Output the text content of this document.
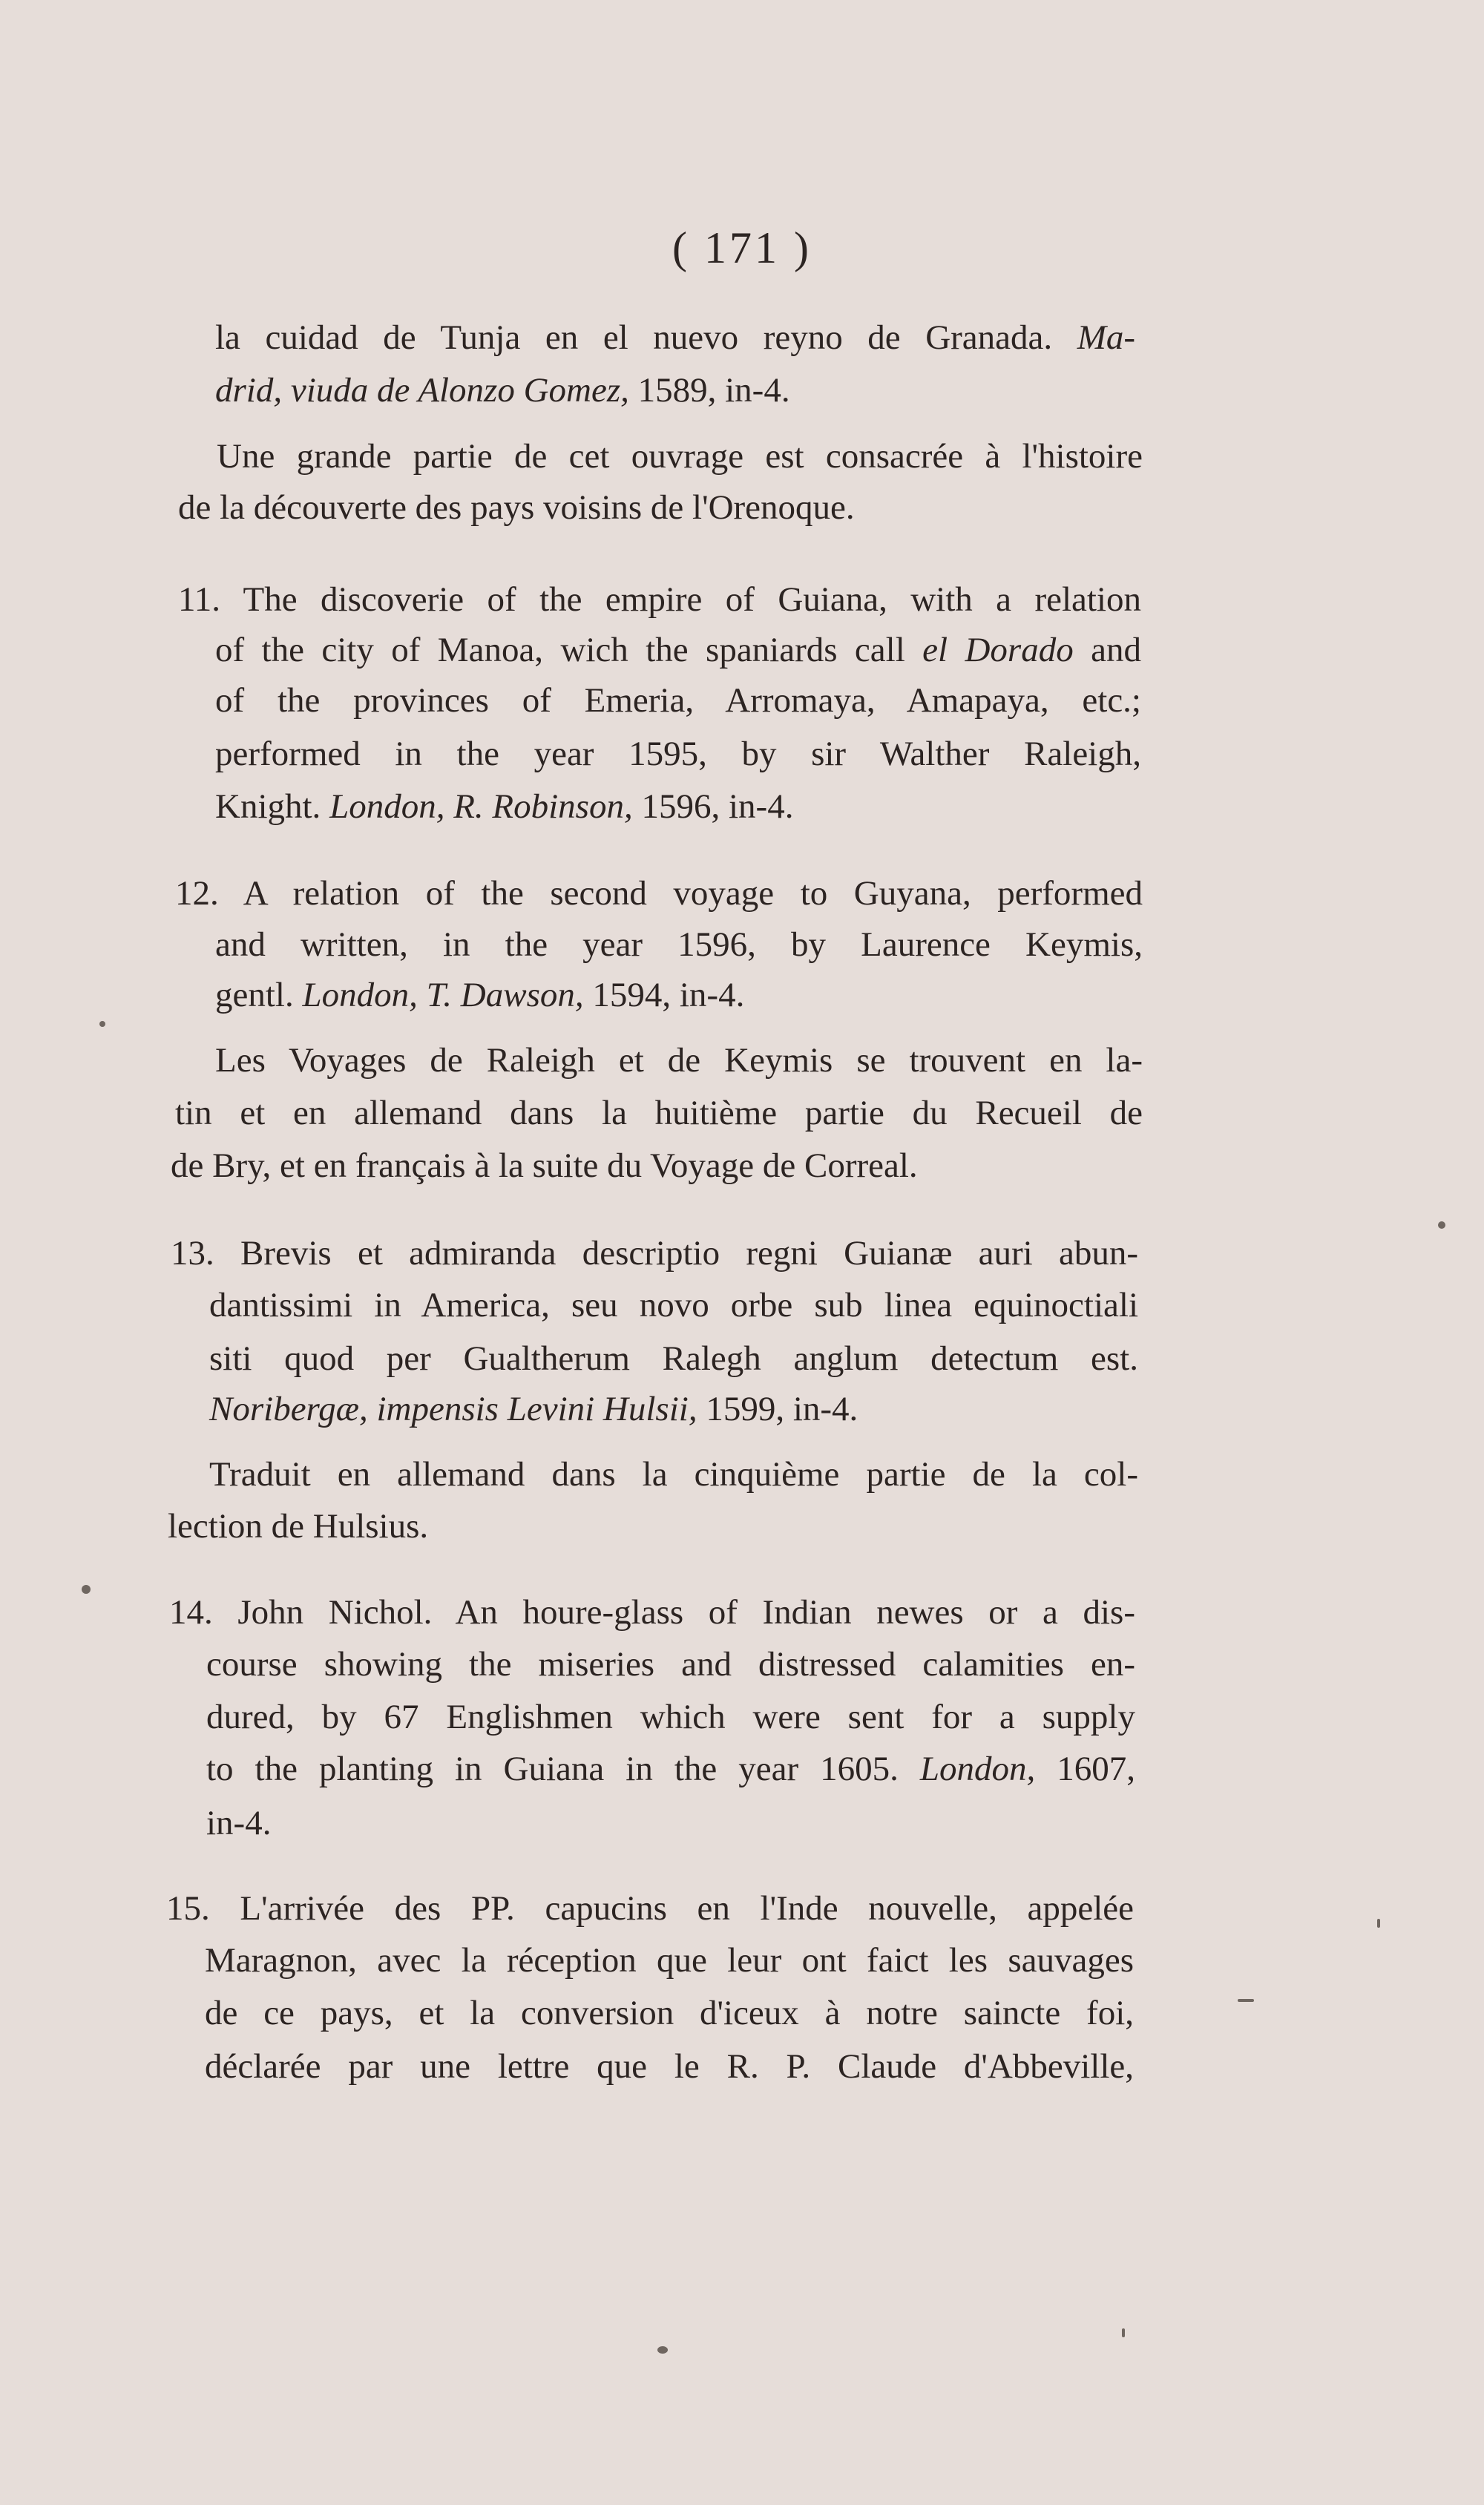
( 171 )
la cuidad de Tunja en el nuevo reyno de Granada. Ma-
drid, viuda de Alonzo Gomez, 1589, in-4.
Une grande partie de cet ouvrage est consacrée à l'histoire
de la découverte des pays voisins de l'Orenoque.
11. The discoverie of the empire of Guiana, with a relation
of the city of Manoa, wich the spaniards call el Dorado and
of the provinces of Emeria, Arromaya, Amapaya, etc.;
performed in the year 1595, by sir Walther Raleigh,
Knight. London, R. Robinson, 1596, in-4.
12. A relation of the second voyage to Guyana, performed
and written, in the year 1596, by Laurence Keymis,
gentl. London, T. Dawson, 1594, in-4.
Les Voyages de Raleigh et de Keymis se trouvent en la-
tin et en allemand dans la huitième partie du Recueil de
de Bry, et en français à la suite du Voyage de Correal.
13. Brevis et admiranda descriptio regni Guianæ auri abun-
dantissimi in America, seu novo orbe sub linea equinoctiali
siti quod per Gualtherum Ralegh anglum detectum est.
Noribergæ, impensis Levini Hulsii, 1599, in-4.
Traduit en allemand dans la cinquième partie de la col-
lection de Hulsius.
14. John Nichol. An houre-glass of Indian newes or a dis-
course showing the miseries and distressed calamities en-
dured, by 67 Englishmen which were sent for a supply
to the planting in Guiana in the year 1605. London, 1607,
in-4.
15. L'arrivée des PP. capucins en l'Inde nouvelle, appelée
Maragnon, avec la réception que leur ont faict les sauvages
de ce pays, et la conversion d'iceux à notre saincte foi,
déclarée par une lettre que le R. P. Claude d'Abbeville,
